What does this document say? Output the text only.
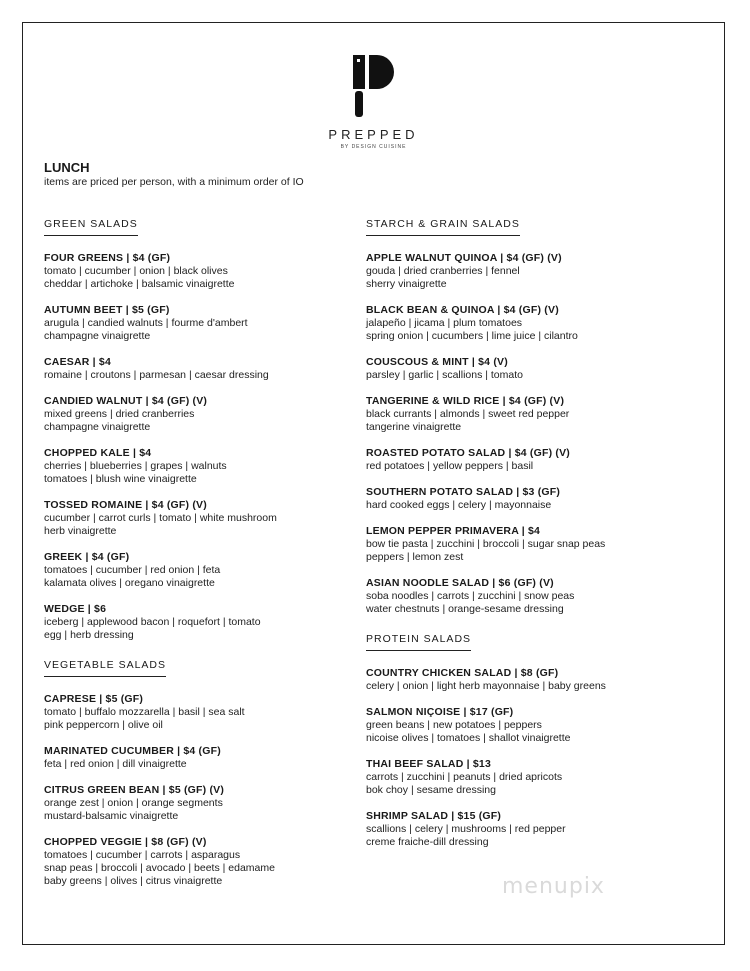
PREPPED
BY DESIGN CUISINE
LUNCH
items are priced per person, with a minimum order of IO
GREEN SALADS
FOUR GREENS | $4 (GF)
tomato | cucumber | onion | black olives
cheddar | artichoke | balsamic vinaigrette
AUTUMN BEET | $5 (GF)
arugula | candied walnuts | fourme d'ambert
champagne vinaigrette
CAESAR | $4
romaine | croutons | parmesan | caesar dressing
CANDIED WALNUT | $4 (GF) (V)
mixed greens | dried cranberries
champagne vinaigrette
CHOPPED KALE | $4
cherries | blueberries | grapes | walnuts
tomatoes | blush wine vinaigrette
TOSSED ROMAINE | $4 (GF) (V)
cucumber | carrot curls | tomato | white mushroom
herb vinaigrette
GREEK | $4 (GF)
tomatoes | cucumber | red onion | feta
kalamata olives | oregano vinaigrette
WEDGE | $6
iceberg | applewood bacon | roquefort | tomato
egg | herb dressing
VEGETABLE SALADS
CAPRESE | $5 (GF)
tomato | buffalo mozzarella | basil | sea salt
pink peppercorn | olive oil
MARINATED CUCUMBER | $4 (GF)
feta | red onion | dill vinaigrette
CITRUS GREEN BEAN | $5 (GF) (V)
orange zest | onion | orange segments
mustard-balsamic vinaigrette
CHOPPED VEGGIE | $8 (GF) (V)
tomatoes | cucumber | carrots | asparagus
snap peas | broccoli | avocado | beets | edamame
baby greens | olives | citrus vinaigrette
STARCH & GRAIN SALADS
APPLE WALNUT QUINOA | $4 (GF) (V)
gouda | dried cranberries | fennel
sherry vinaigrette
BLACK BEAN & QUINOA | $4 (GF) (V)
jalapeño | jicama | plum tomatoes
spring onion | cucumbers | lime juice | cilantro
COUSCOUS & MINT | $4 (V)
parsley | garlic | scallions | tomato
TANGERINE & WILD RICE | $4 (GF) (V)
black currants | almonds | sweet red pepper
tangerine vinaigrette
ROASTED POTATO SALAD | $4 (GF) (V)
red potatoes | yellow peppers | basil
SOUTHERN POTATO SALAD | $3 (GF)
hard cooked eggs | celery | mayonnaise
LEMON PEPPER PRIMAVERA | $4
bow tie pasta | zucchini | broccoli | sugar snap peas
peppers | lemon zest
ASIAN NOODLE SALAD | $6 (GF) (V)
soba noodles | carrots | zucchini | snow peas
water chestnuts | orange-sesame dressing
PROTEIN SALADS
COUNTRY CHICKEN SALAD | $8 (GF)
celery | onion | light herb mayonnaise | baby greens
SALMON NIÇOISE | $17 (GF)
green beans | new potatoes | peppers
nicoise olives | tomatoes | shallot vinaigrette
THAI BEEF SALAD | $13
carrots | zucchini | peanuts | dried apricots
bok choy | sesame dressing
SHRIMP SALAD | $15 (GF)
scallions | celery | mushrooms | red pepper
creme fraiche-dill dressing
menupix
